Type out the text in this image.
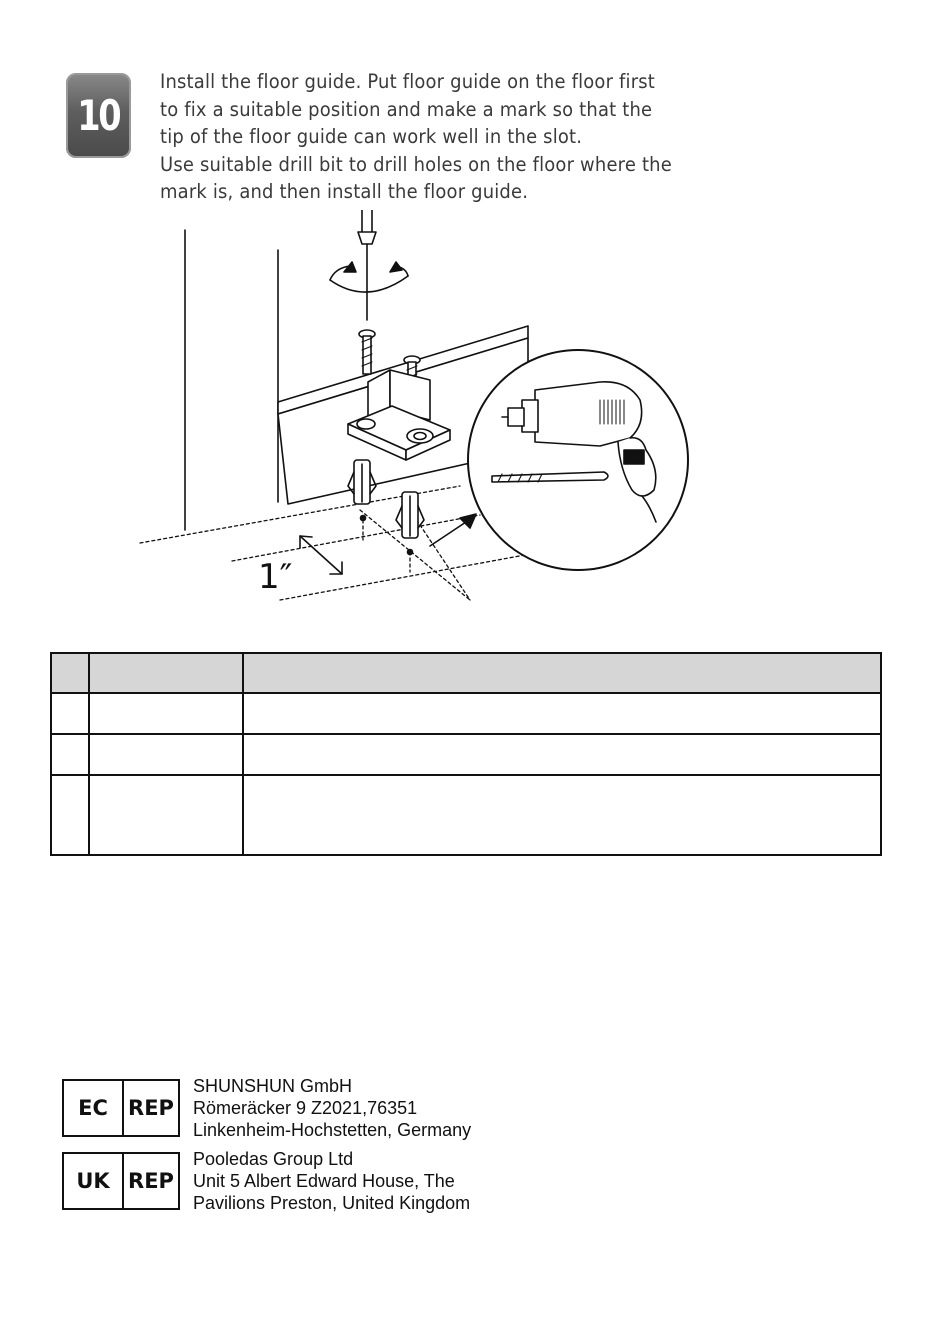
10
Install the floor guide. Put floor guide on the floor first
to fix a suitable position and make a mark so that the
tip of the floor guide can work well in the slot.
Use suitable drill bit to drill holes on the floor where the
mark is, and then install the floor guide.
1″

EC REP
SHUNSHUN GmbH
Römeräcker 9 Z2021,76351
Linkenheim-Hochstetten, Germany
UK REP
Pooledas Group Ltd
Unit 5 Albert Edward House, The
Pavilions Preston, United Kingdom
